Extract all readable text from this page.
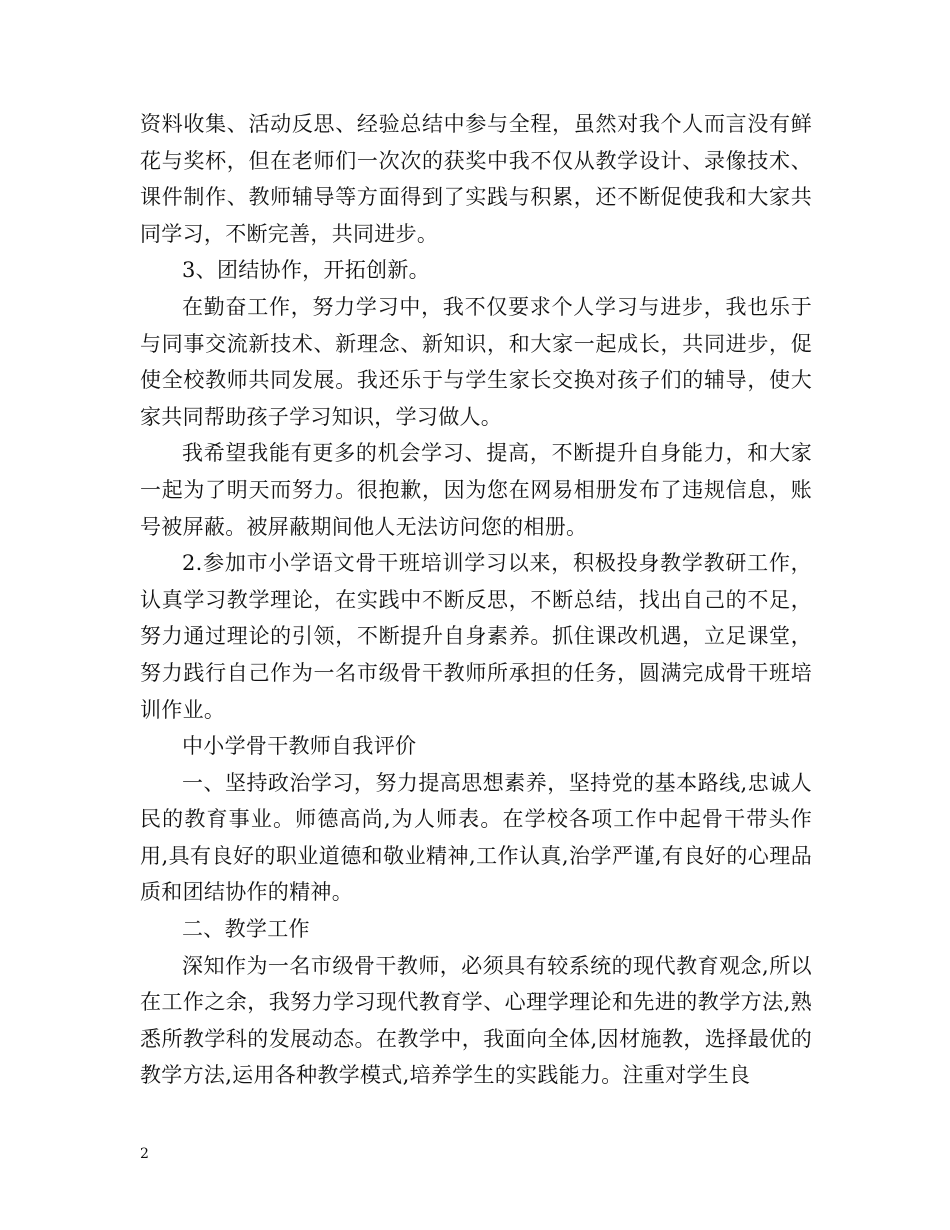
资料收集、活动反思、经验总结中参与全程，虽然对我个人而言没有鲜花与奖杯，但在老师们一次次的获奖中我不仅从教学设计、录像技术、课件制作、教师辅导等方面得到了实践与积累，还不断促使我和大家共同学习，不断完善，共同进步。

3、团结协作，开拓创新。

在勤奋工作，努力学习中，我不仅要求个人学习与进步，我也乐于与同事交流新技术、新理念、新知识，和大家一起成长，共同进步，促使全校教师共同发展。我还乐于与学生家长交换对孩子们的辅导，使大家共同帮助孩子学习知识，学习做人。

我希望我能有更多的机会学习、提高，不断提升自身能力，和大家一起为了明天而努力。很抱歉，因为您在网易相册发布了违规信息，账号被屏蔽。被屏蔽期间他人无法访问您的相册。

2.参加市小学语文骨干班培训学习以来，积极投身教学教研工作，认真学习教学理论，在实践中不断反思，不断总结，找出自己的不足，努力通过理论的引领，不断提升自身素养。抓住课改机遇，立足课堂，努力践行自己作为一名市级骨干教师所承担的任务，圆满完成骨干班培训作业。

中小学骨干教师自我评价

一、坚持政治学习，努力提高思想素养，坚持党的基本路线,忠诚人民的教育事业。师德高尚,为人师表。在学校各项工作中起骨干带头作用,具有良好的职业道德和敬业精神,工作认真,治学严谨,有良好的心理品质和团结协作的精神。

二、教学工作

深知作为一名市级骨干教师，必须具有较系统的现代教育观念,所以在工作之余，我努力学习现代教育学、心理学理论和先进的教学方法,熟悉所教学科的发展动态。在教学中，我面向全体,因材施教，选择最优的教学方法,运用各种教学模式,培养学生的实践能力。注重对学生良

2
